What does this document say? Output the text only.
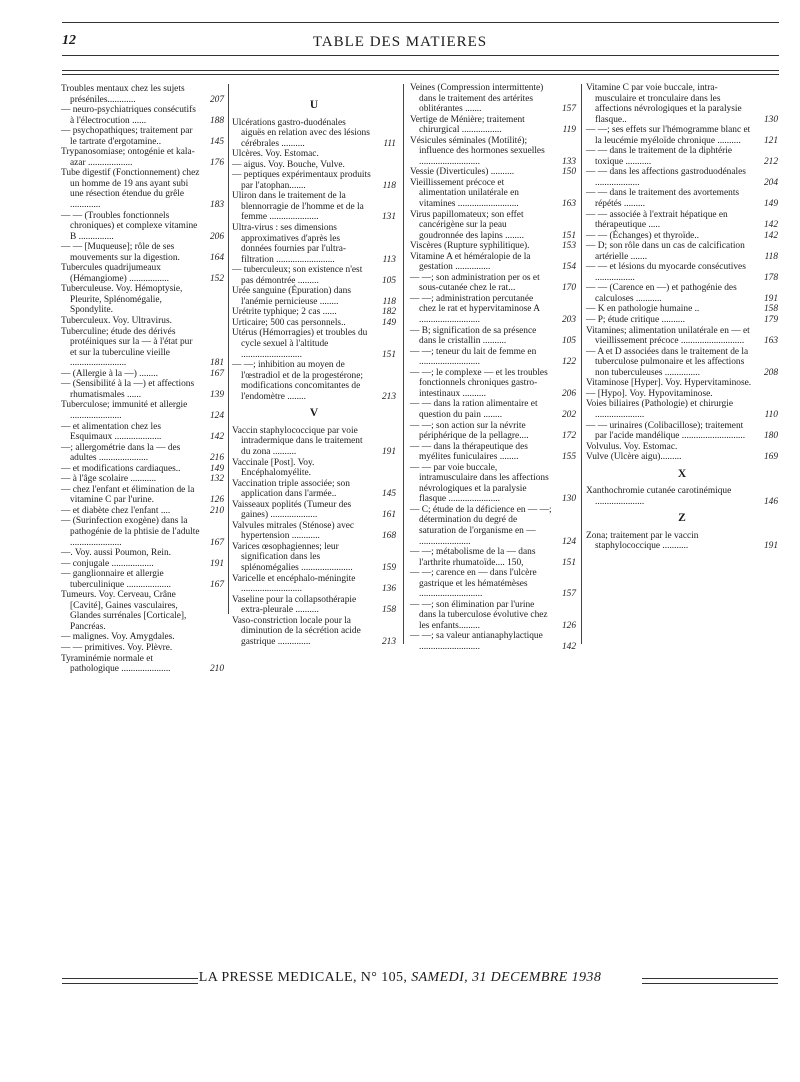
12	TABLE DES MATIERES
Troubles mentaux chez les sujets préséniles............	207
— neuro-psychiatriques consécutifs à l'électrocution ......	188
— psychopathiques; traitement par le tartrate d'ergotamine..	145
Trypanosomiase; ontogénie et kala-azar ...................	176
Tube digestif (Fonctionnement) chez un homme de 19 ans ayant subi une résection étendue du grêle .............	183
— — (Troubles fonctionnels chroniques) et complexe vitamine B ...............	206
— — [Muqueuse]; rôle de ses mouvements sur la digestion.	164
Tubercules quadrijumeaux (Hémangiome) .................	152
Tuberculeuse. Voy. Hémoptysie, Pleurite, Splénomégalie, Spondylite.
Tuberculeux. Voy. Ultravirus.
Tuberculine; étude des dérivés protéiniques sur la — à l'état pur et sur la tuberculine vieille ........................	181
— (Allergie à la —) ........	167
— (Sensibilité à la —) et affections rhumatismales ......	139
Tuberculose; immunité et allergie ......................	124
— et alimentation chez les Esquimaux ....................	142
—; allergométrie dans la — des adultes .....................	216
— et modifications cardiaques..	149
— à l'âge scolaire ...........	132
— chez l'enfant et élimination de la vitamine C par l'urine.	126
— et diabète chez l'enfant ....	210
— (Surinfection exogène) dans la pathogénie de la phtisie de l'adulte ......................	167
—. Voy. aussi Poumon, Rein.
— conjugale ..................	191
— ganglionnaire et allergie tuberculinique ...................	167
Tumeurs. Voy. Cerveau, Crâne [Cavité], Gaines vasculaires, Glandes surrénales [Corticale], Pancréas.
— malignes. Voy. Amygdales.
— — primitives. Voy. Plèvre.
Tyraminémie normale et pathologique .....................	210
U
Ulcérations gastro-duodénales aiguës en relation avec des lésions cérébrales ..........	111
Ulcères. Voy. Estomac.
— aigus. Voy. Bouche, Vulve.
— peptiques expérimentaux produits par l'atophan.......	118
Uliron dans le traitement de la blennorragie de l'homme et de la femme .....................	131
Ultra-virus : ses dimensions approximatives d'après les données fournies par l'ultra-filtration .........................	113
— tuberculeux; son existence n'est pas démontrée .........	105
Urée sanguine (Épuration) dans l'anémie pernicieuse ........	118
Urétrite typhique; 2 cas ......	182
Urticaire; 500 cas personnels..	149
Utérus (Hémorragies) et troubles du cycle sexuel à l'altitude ..........................	151
— —; inhibition au moyen de l'œstradiol et de la progestérone; modifications concomitantes de l'endomètre ........	213
V
Vaccin staphylococcique par voie intradermique dans le traitement du zona ..........	191
Vaccinale [Post]. Voy. Encéphalomyélite.
Vaccination triple associée; son application dans l'armée..	145
Vaisseaux poplités (Tumeur des gaines) ....................	161
Valvules mitrales (Sténose) avec hypertension ............	168
Varices œsophagiennes; leur signification dans les splénomégalies ......................	159
Varicelle et encéphalo-méningite ..........................	136
Vaseline pour la collapsothérapie extra-pleurale ..........	158
Vaso-constriction locale pour la diminution de la sécrétion acide gastrique ..............	213
Veines (Compression intermittente) dans le traitement des artérites oblitérantes .......	157
Vertige de Ménière; traitement chirurgical .................	119
Vésicules séminales (Motilité); influence des hormones sexuelles ..........................	133
Vessie (Diverticules) ..........	150
Vieillissement précoce et alimentation unilatérale en vitamines ..........................	163
Virus papillomateux; son effet cancérigène sur la peau goudronnée des lapins ........	151
Viscères (Rupture syphilitique).	153
Vitamine A et héméralopie de la gestation ...............	154
— —; son administration per os et sous-cutanée chez le rat...	170
— —; administration percutanée chez le rat et hypervitaminose A ..........................	203
— B; signification de sa présence dans le cristallin ..........	105
— —; teneur du lait de femme en ..........................	122
— —; le complexe — et les troubles fonctionnels chroniques gastro-intestinaux ..........	206
— — dans la ration alimentaire et question du pain ........	202
— —; son action sur la névrite périphérique de la pellagre....	172
— — dans la thérapeutique des myélites funiculaires ........	155
— — par voie buccale, intramusculaire dans les affections névrologiques et la paralysie flasque ......................	130
— C; étude de la déficience en — —; détermination du degré de saturation de l'organisme en — ......................	124
— —; métabolisme de la — dans l'arthrite rhumatoïde.... 150,	151
— —; carence en — dans l'ulcère gastrique et les hématémèses ...........................	157
— —; son élimination par l'urine dans la tuberculose évolutive chez les enfants.........	126
— —; sa valeur antianaphylactique ..........................	142
Vitamine C par voie buccale, intra-musculaire et tronculaire dans les affections névrologiques et la paralysie flasque..	130
— —; ses effets sur l'hémogramme blanc et la leucémie myéloïde chronique .......... 121
— — dans le traitement de la diphtérie toxique ...........	212
— — dans les affections gastroduodénales ...................	204
— — dans le traitement des avortements répétés .........	149
— — associée à l'extrait hépatique en thérapeutique .....	142
— — (Échanges) et thyroïde..	142
— D; son rôle dans un cas de calcification artérielle .......	118
— — et lésions du myocarde consécutives .................	178
— — (Carence en —) et pathogénie des calculoses ...........	191
— K en pathologie humaine ..	158
— P; étude critique ..........	179
Vitamines; alimentation unilatérale en — et vieillissement précoce ........................... 163
— A et D associées dans le traitement de la tuberculose pulmonaire et les affections non tuberculeuses ...............	208
Vitaminose [Hyper]. Voy. Hypervitaminose.
— [Hypo]. Voy. Hypovitaminose.
Voies biliaires (Pathologie) et chirurgie .....................	110
— — urinaires (Colibacillose); traitement par l'acide mandélique ........................... 180
Volvulus. Voy. Estomac.
Vulve (Ulcère aigu).........	169
X
Xanthochromie cutanée carotinémique .....................	146
Z
Zona; traitement par le vaccin staphylococcique ...........	191
LA PRESSE MEDICALE, N° 105, SAMEDI, 31 DECEMBRE 1938
